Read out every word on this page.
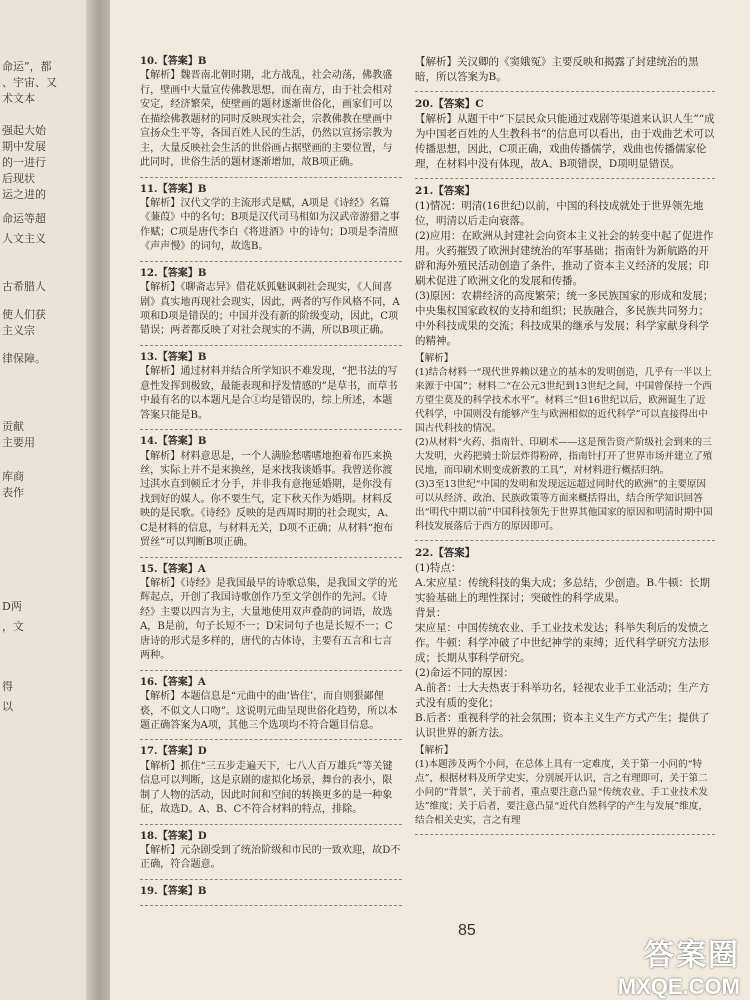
命运”，都
、宇宙、又
术文本
强起大始
期中发展
的一进行
后现状
运之进的
命运等超
人文主义
古希腊人
使人们获
主义宗
律保障。
贡献
主要用
库商
表作
D两
，文
得
以
10.【答案】B
【解析】魏晋南北朝时期，北方战乱，社会动荡，佛教盛行，壁画中大量宣传佛教思想，而在南方，由于社会相对安定，经济繁荣，使壁画的题材逐渐世俗化，画家们可以在描绘佛教题材的同时反映现实社会，宗教佛教在壁画中宣扬众生平等，各国百姓人民的生活，仍然以宣扬宗教为主，大量反映社会生活的世俗画占据壁画的主要位置，与此同时，世俗生活的题材逐渐增加，故B项正确。
11.【答案】B
【解析】汉代文学的主流形式是赋，A项是《诗经》名篇《蒹葭》中的名句；B项是汉代司马相如为汉武帝游猎之事作赋；C项是唐代李白《将进酒》中的诗句；D项是李清照《声声慢》的词句，故选B。
12.【答案】B
【解析】《聊斋志异》借花妖狐魅讽刺社会现实，《人间喜剧》真实地再现社会现实，因此，两者的写作风格不同，A项和D项是错误的；中国并没有新的阶级变动，因此，C项错误；两者都反映了对社会现实的不满，所以B项正确。
13.【答案】B
【解析】通过材料并结合所学知识不难发现，“把书法的写意性发挥到极致，最能表现和抒发情感的”是草书，而草书中最有名的以本题凡是合①均是错误的，综上所述，本题答案只能是B。
14.【答案】B
【解析】材料意思是，一个人满脸愁嗜嗜地抱着布匹来换丝，实际上并不是来换丝，是来找我谈婚事。我曾送你渡过淇水直到顿丘才分手，并非我有意拖延婚期，是你没有找到好的媒人。你不要生气，定下秋天作为婚期。材料反映的是民歌。《诗经》反映的是西周时期的社会现实，A、C是材料的信息，与材料无关，D项不正确；从材料“抱布贸丝”可以判断B项正确。
15.【答案】A
【解析】《诗经》是我国最早的诗歌总集，是我国文学的光辉起点，开创了我国诗歌创作乃至文学创作的先河。《诗经》主要以四言为主，大量地使用双声叠韵的词语，故选A，B是前，句子长短不一；D宋词句子也是长短不一；C唐诗的形式是多样的，唐代的古体诗，主要有五言和七言两种。
16.【答案】A
【解析】本题信息是“元曲中的曲‘皆住’，而自则狠鄙俚亵，不似文人口吻”。这说明元曲呈现世俗化趋势，所以本题正确答案为A项，其他三个选项均不符合题目信息。
17.【答案】D
【解析】抓住“三五步走遍天下，七八人百万雄兵”等关键信息可以判断，这是京剧的虚拟化场景，舞台的表小，限制了人物的活动，因此时间和空间的转换更多的是一种象征，故选D。A、B、C不符合材料的特点，排除。
18.【答案】D
【解析】元杂剧受到了统治阶级和市民的一致欢迎，故D不正确，符合题意。
19.【答案】B
【解析】关汉卿的《窦娥冤》主要反映和揭露了封建统治的黑暗，所以答案为B。
20.【答案】C
【解析】从题干中“下层民众只能通过戏剧等渠道来认识人生”“成为中国老百姓的人生教科书”的信息可以看出，由于戏曲艺术可以传播思想，因此，C项正确，戏曲传播儒学，戏曲也传播儒家伦理，在材料中没有体现，故A、B项错误，D项明显错误。
21.【答案】
(1)情况：明清(16世纪)以前，中国的科技成就处于世界领先地位，明清以后走向衰落。
(2)应用：在欧洲从封建社会向资本主义社会的转变中起了促进作用。火药摧毁了欧洲封建统治的军事基础；指南针为新航路的开辟和海外殖民活动创造了条件，推动了资本主义经济的发展；印刷术促进了欧洲文化的发展和传播。
(3)原因：农耕经济的高度繁荣；统一多民族国家的形成和发展；中央集权国家政权的支持和组织；民族融合，多民族共同努力；中外科技成果的交流；科技成果的继承与发展；科学家献身科学的精神。
【解析】
(1)结合材料一“现代世界赖以建立的基本的发明创造，几乎有一半以上来源于中国”；材料二“在公元3世纪到13世纪之间，中国曾保持一个西方望尘莫及的科学技术水平”。材料三“但16世纪以后，欧洲诞生了近代科学，中国则没有能够产生与欧洲相似的近代科学”可以直接得出中国古代科技的情况。
(2)从材料“火药、指南针、印刷术——这是预告资产阶级社会到来的三大发明，火药把骑士阶层炸得粉碎，指南针打开了世界市场并建立了殖民地，而印刷术则变成新教的工具”，对材料进行概括归纳。
(3)3至13世纪“中国的发明和发现远远超过同时代的欧洲”的主要原因可以从经济、政治、民族政策等方面来概括得出，结合所学知识回答出“明代中期以前”中国科技领先于世界其他国家的原因和明清时期中国科技发展落后于西方的原因即可。
22.【答案】
(1)特点：
A.宋应星：传统科技的集大成；多总结，少创造。B.牛顿：长期实验基础上的理性探讨；突破性的科学成果。
背景：
宋应星：中国传统农业、手工业技术发达；科举失利后的发愤之作。牛顿：科学冲破了中世纪神学的束缚；近代科学研究方法形成；长期从事科学研究。
(2)命运不同的原因：
A.前者：士大夫热衷于科举功名，轻视农业手工业活动；生产方式没有质的变化；
B.后者：重视科学的社会氛围；资本主义生产方式产生；提供了认识世界的新方法。
【解析】
(1)本题涉及两个小问，在总体上具有一定难度，关于第一小问的“特点”，根据材料及所学史实，分别展开认识，言之有理即可，关于第二小问的“背景”，关于前者，重点要注意凸显“传统农业、手工业技术发达”维度；关于后者，要注意凸显“近代自然科学的产生与发展”维度，结合相关史实，言之有理
85
答案圈
MXQE.COM
